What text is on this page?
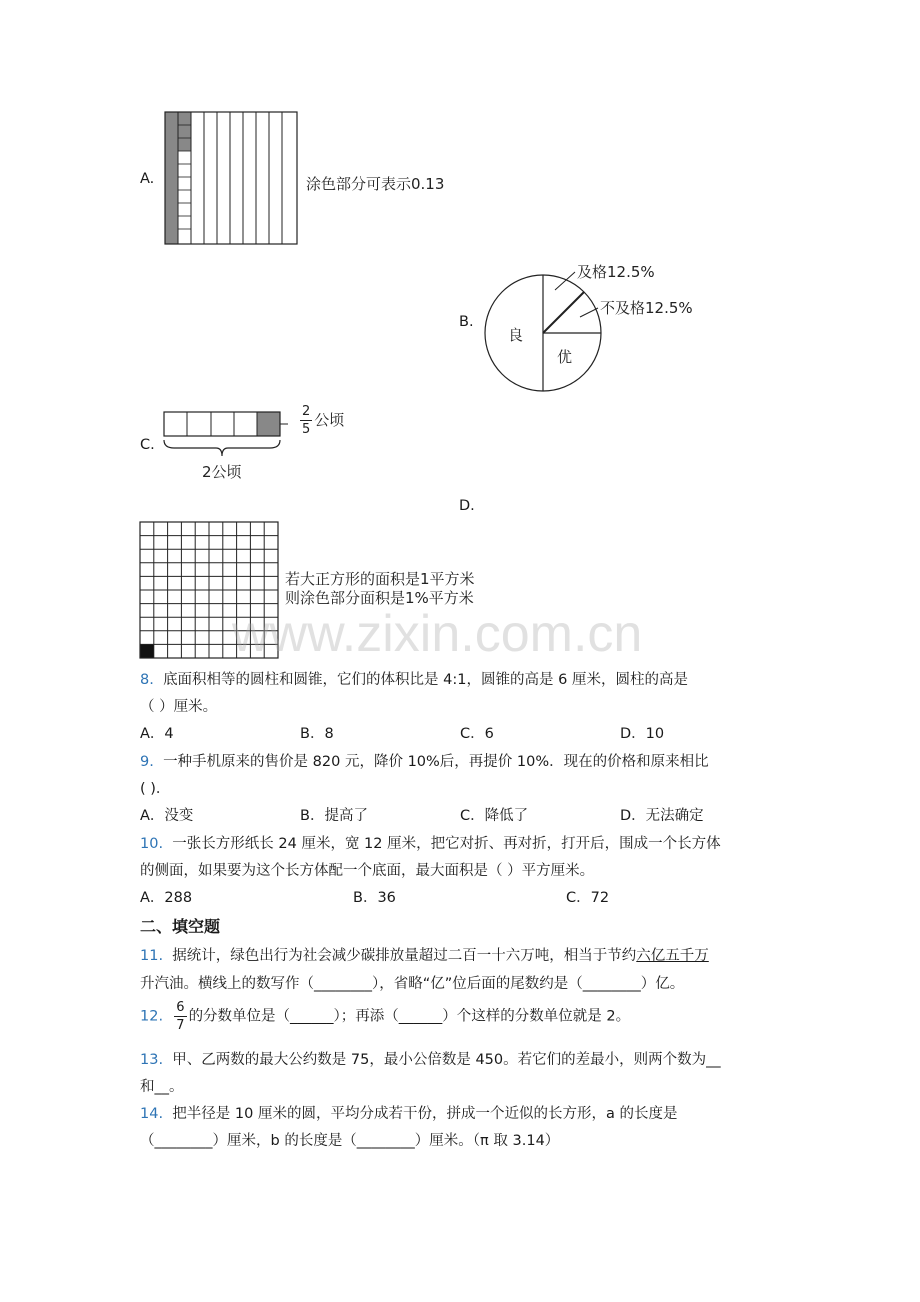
A.	涂色部分可表示0.13
B.
及格12.5%
不及格12.5%
良
优
C.
$\frac{2}{5}$ 公顷
2公顷
D.
若大正方形的面积是1平方米
则涂色部分面积是1%平方米
www.zixin.com.cn
8. 底面积相等的圆柱和圆锥，它们的体积比是 4:1，圆锥的高是 6 厘米，圆柱的高是
（ ）厘米。
A．4	B．8	C．6	D．10
9. 一种手机原来的售价是 820 元，降价 10%后，再提价 10%．现在的价格和原来相比
( )．
A．没变	B．提高了	C．降低了	D．无法确定
10. 一张长方形纸长 24 厘米，宽 12 厘米，把它对折、再对折，打开后，围成一个长方体
的侧面，如果要为这个长方体配一个底面，最大面积是（ ）平方厘米。
A．288	B．36	C．72
二、填空题
11. 据统计，绿色出行为社会减少碳排放量超过二百一十六万吨，相当于节约六亿五千万
升汽油。横线上的数写作（________），省略“亿”位后面的尾数约是（________）亿。
12. $\frac{6}{7}$ 的分数单位是（______）；再添（______）个这样的分数单位就是 2。
13. 甲、乙两数的最大公约数是 75，最小公倍数是 450。若它们的差最小，则两个数为__
和__。
14. 把半径是 10 厘米的圆，平均分成若干份，拼成一个近似的长方形，a 的长度是
（________）厘米，b 的长度是（________）厘米。（π 取 3.14）
